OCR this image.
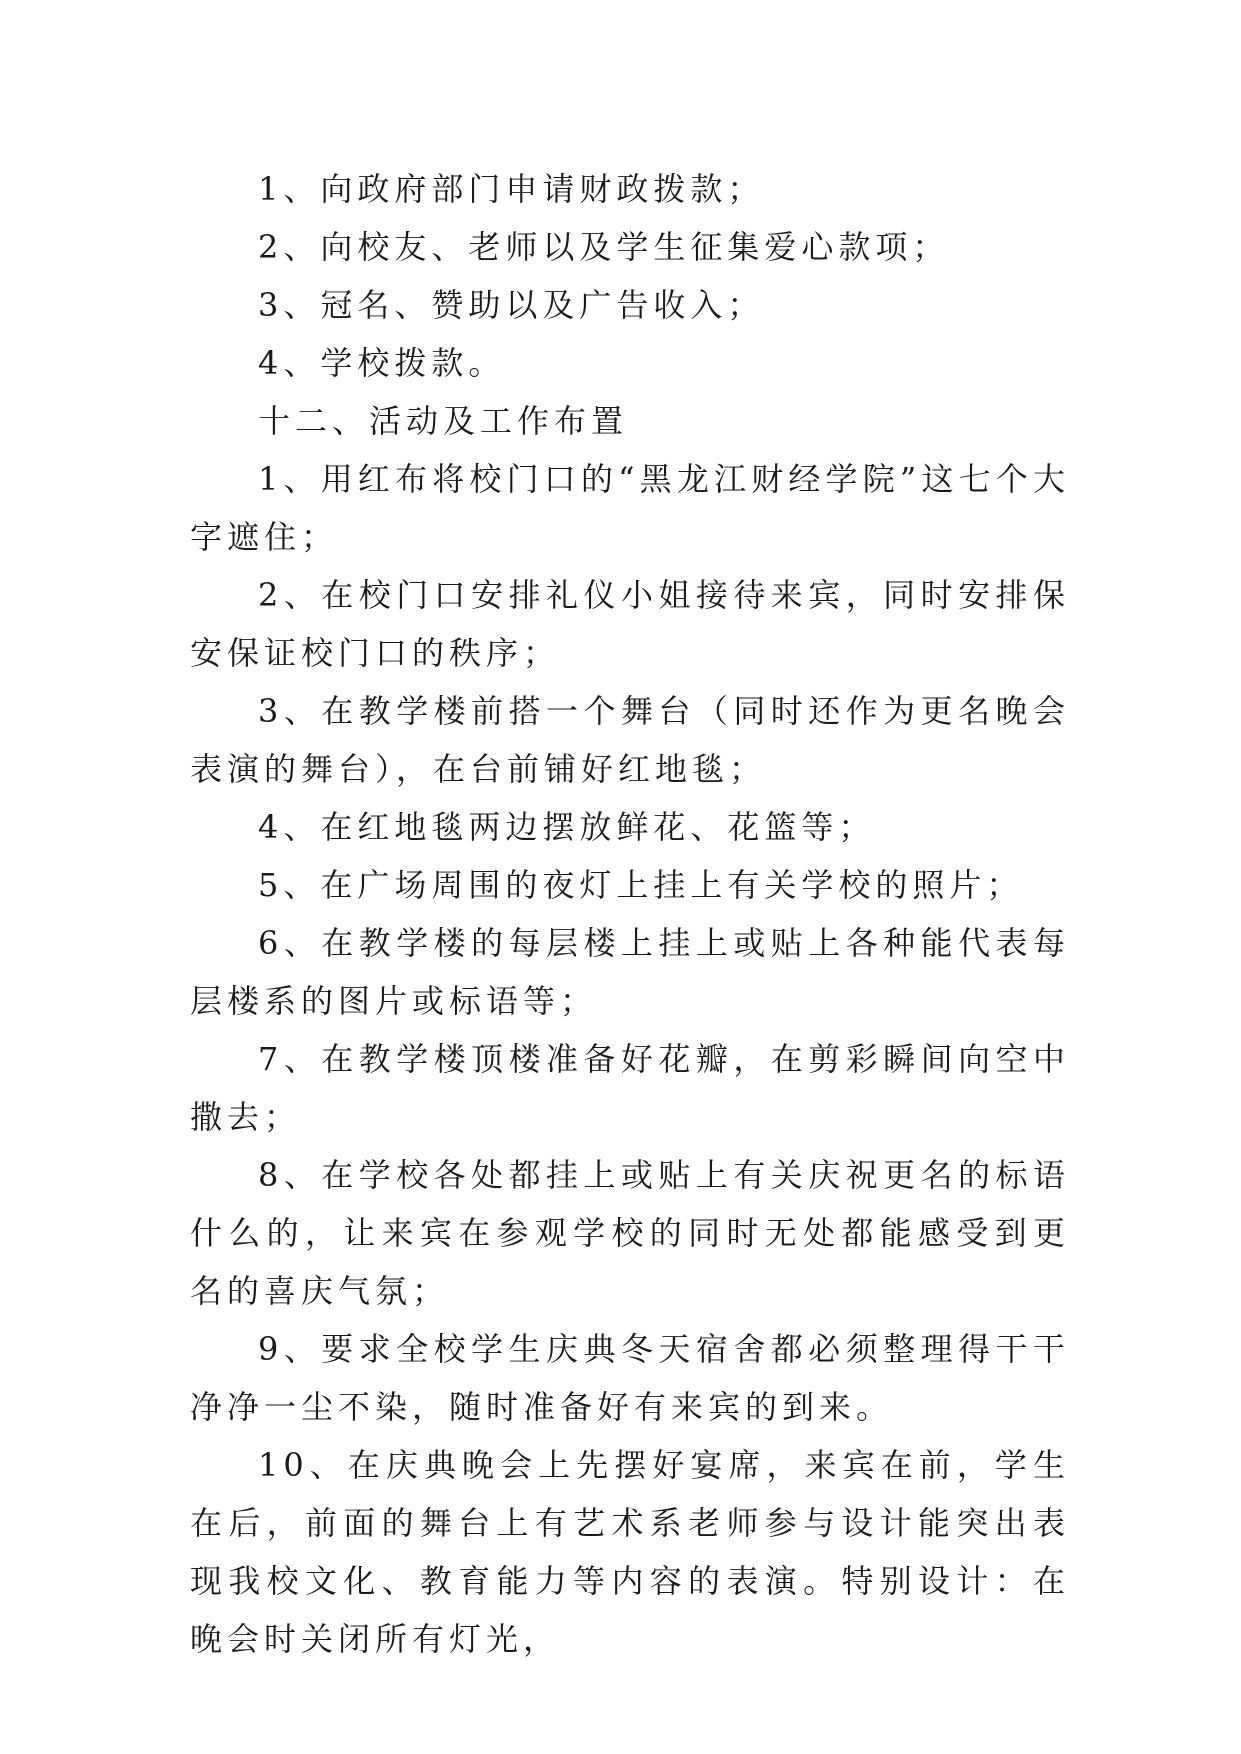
1、向政府部门申请财政拨款；

2、向校友、老师以及学生征集爱心款项；

3、冠名、赞助以及广告收入；

4、学校拨款。

十二、活动及工作布置

1、用红布将校门口的“黑龙江财经学院”这七个大字遮住；

2、在校门口安排礼仪小姐接待来宾，同时安排保安保证校门口的秩序；

3、在教学楼前搭一个舞台（同时还作为更名晚会表演的舞台），在台前铺好红地毯；

4、在红地毯两边摆放鲜花、花篮等；

5、在广场周围的夜灯上挂上有关学校的照片；

6、在教学楼的每层楼上挂上或贴上各种能代表每层楼系的图片或标语等；

7、在教学楼顶楼准备好花瓣，在剪彩瞬间向空中撒去；

8、在学校各处都挂上或贴上有关庆祝更名的标语什么的，让来宾在参观学校的同时无处都能感受到更名的喜庆气氛；

9、要求全校学生庆典冬天宿舍都必须整理得干干净净一尘不染，随时准备好有来宾的到来。

10、在庆典晚会上先摆好宴席，来宾在前，学生在后，前面的舞台上有艺术系老师参与设计能突出表现我校文化、教育能力等内容的表演。特别设计：在晚会时关闭所有灯光，
